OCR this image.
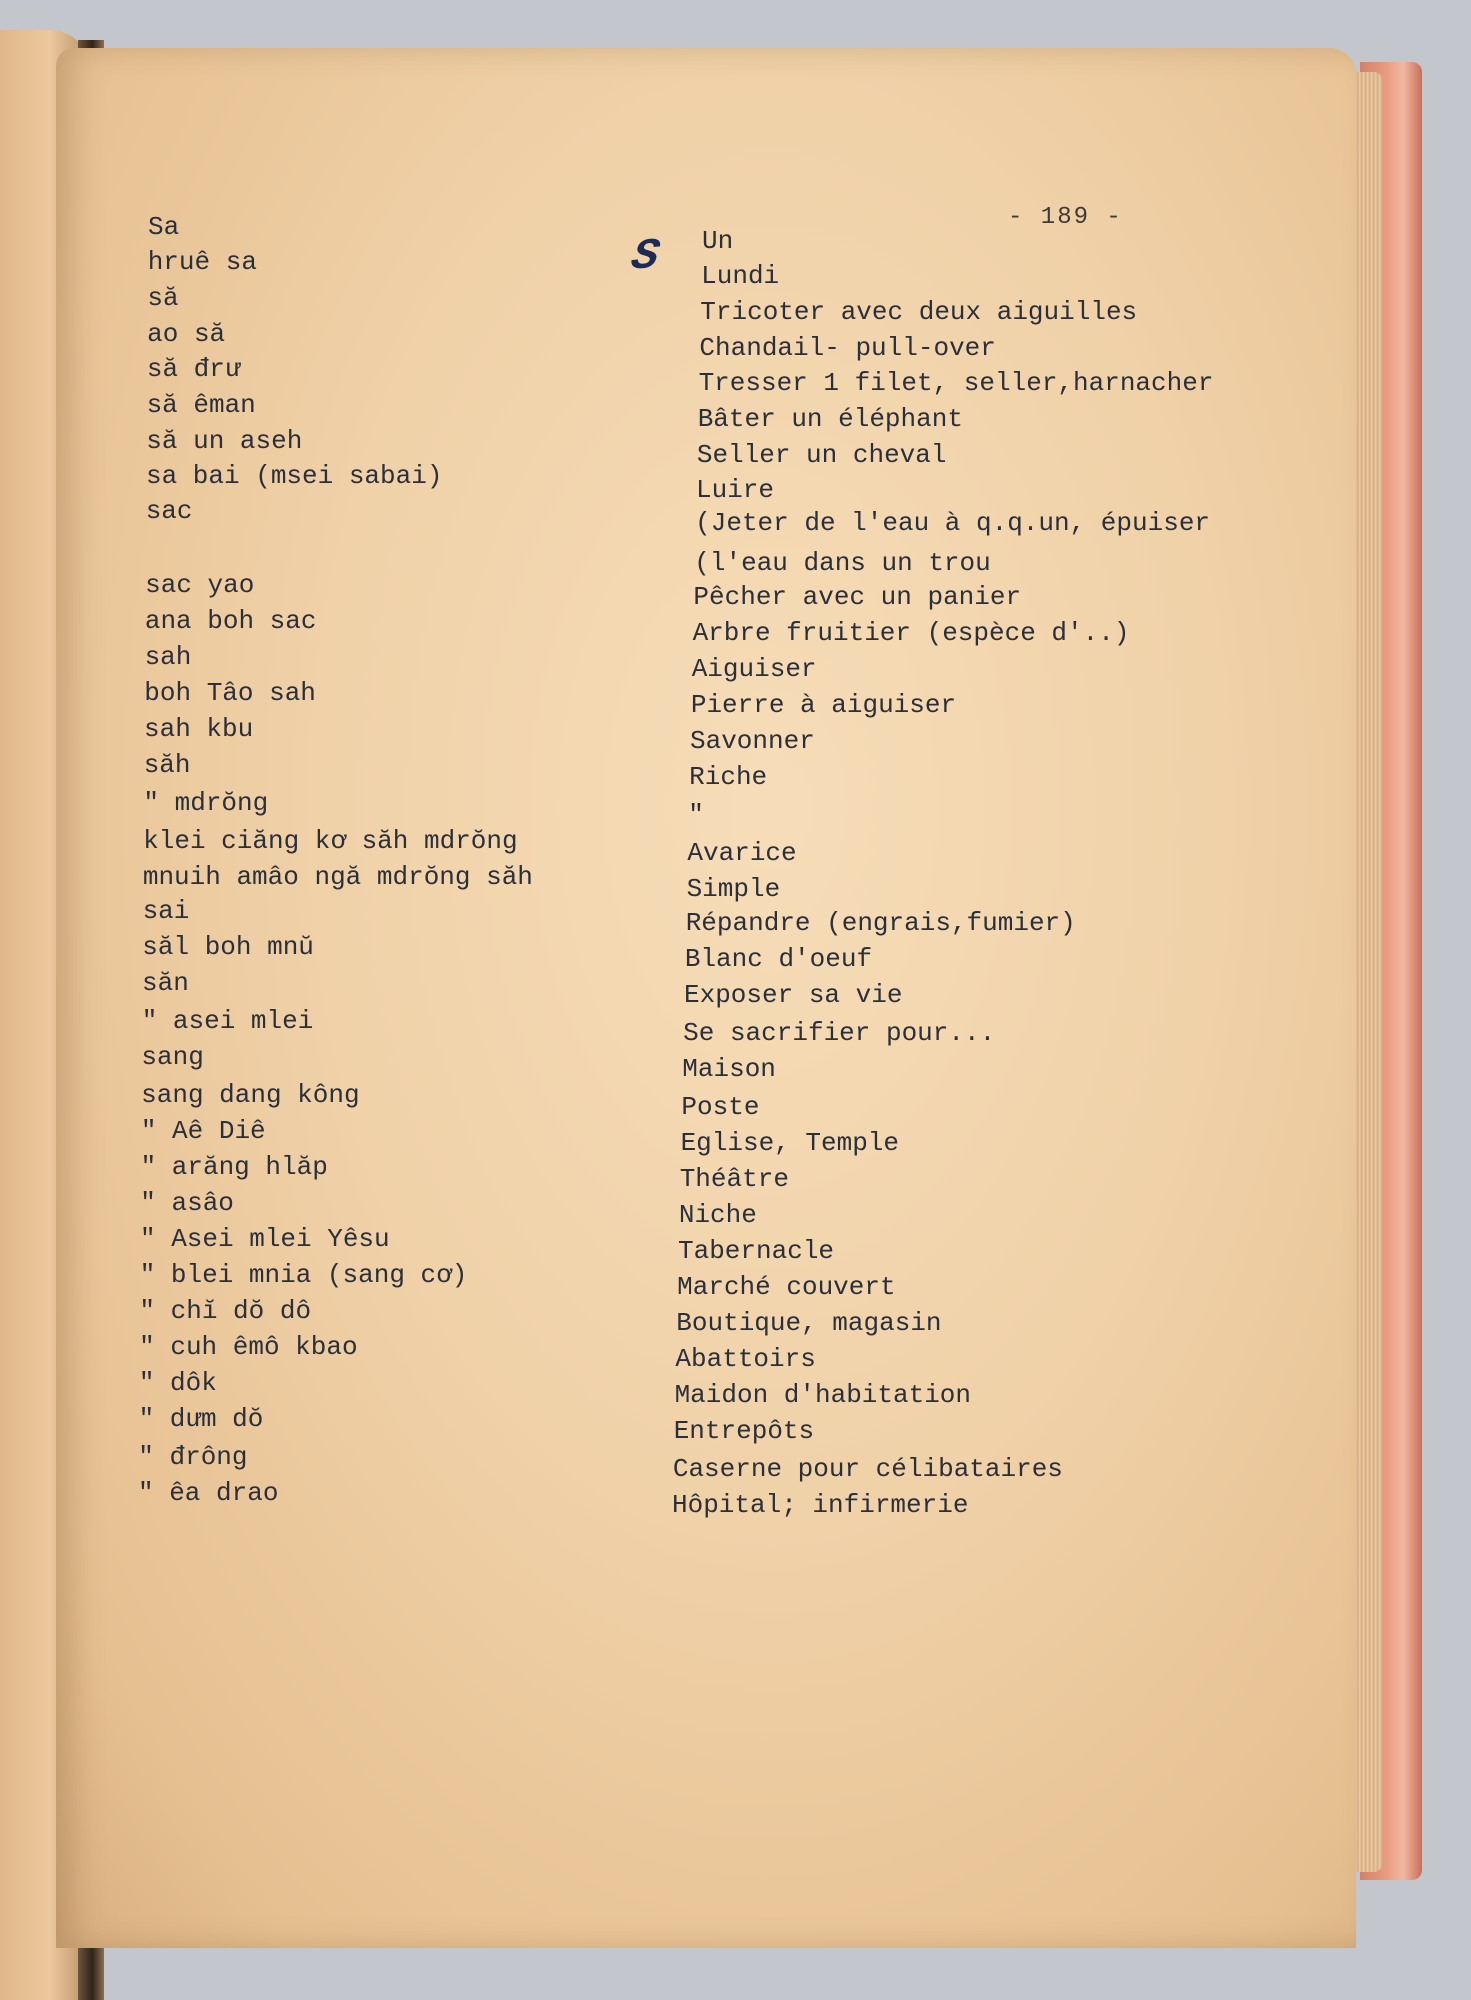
- 189 -
S
Sa	Un
hruê sa	Lundi
să	Tricoter avec deux aiguilles
ao să	Chandail- pull-over
să đrư	Tresser 1 filet, seller,harnacher
să êman	Bâter un éléphant
să un aseh	Seller un cheval
sa bai (msei sabai)	Luire
sac	(Jeter de l'eau à q.q.un, épuiser
(l'eau dans un trou
sac yao	Pêcher avec un panier
ana boh sac	Arbre fruitier (espèce d'..)
sah	Aiguiser
boh Tâo sah	Pierre à aiguiser
sah kbu	Savonner
săh	Riche
" mdrŏng	"
klei ciăng kơ săh mdrŏng	Avarice
mnuih amâo ngă mdrŏng săh	Simple
sai	Répandre (engrais,fumier)
săl boh mnŭ	Blanc d'oeuf
săn	Exposer sa vie
" asei mlei	Se sacrifier pour...
sang	Maison
sang dang kông	Poste
" Aê Diê	Eglise, Temple
" arăng hlăp	Théâtre
" asâo	Niche
" Asei mlei Yêsu	Tabernacle
" blei mnia (sang cơ)	Marché couvert
" chĭ dŏ dô	Boutique, magasin
" cuh êmô kbao	Abattoirs
" dôk	Maidon d'habitation
" dưm dŏ	Entrepôts
" đrông	Caserne pour célibataires
" êa drao	Hôpital; infirmerie
